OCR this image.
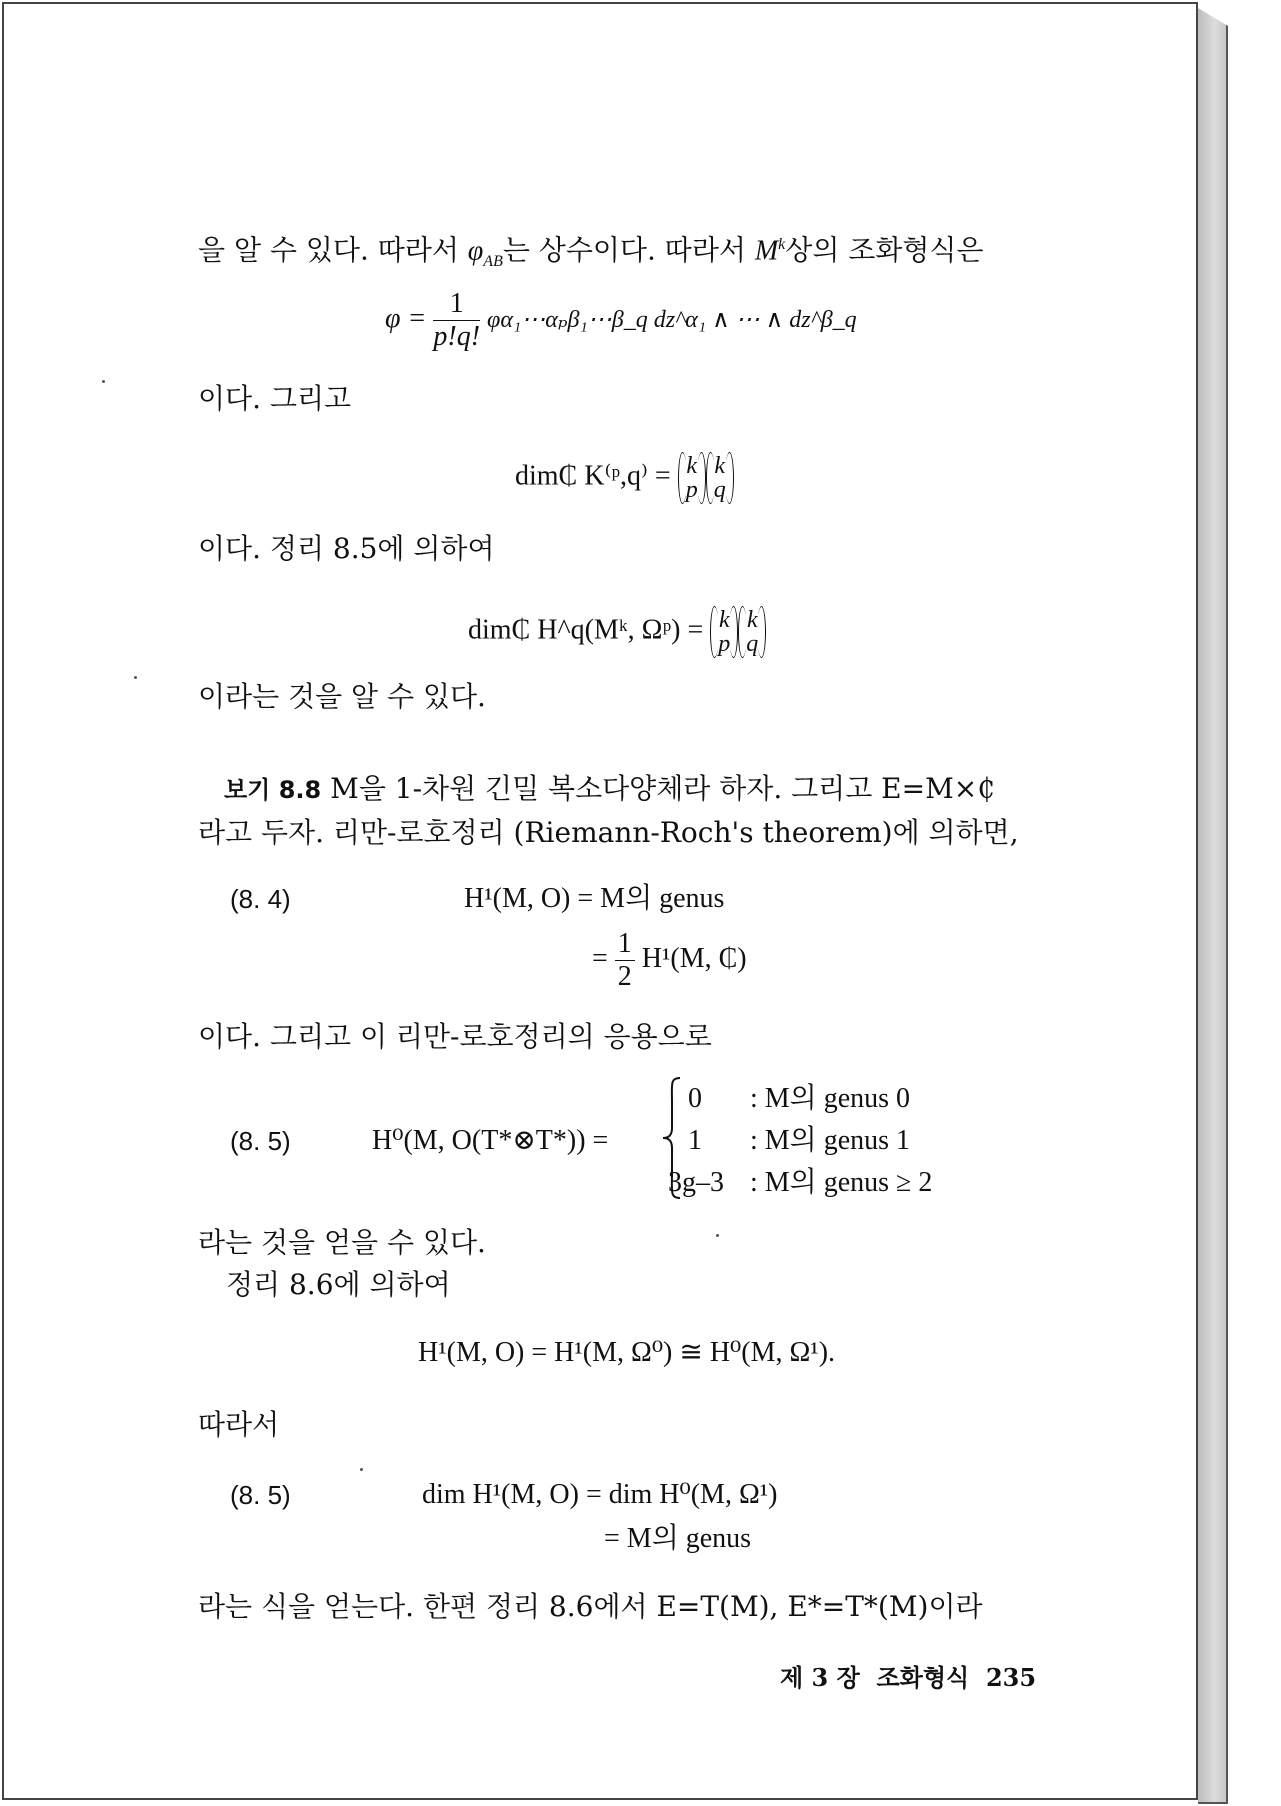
을 알 수 있다. 따라서 $\varphi_{AB}$는 상수이다. 따라서 $M^k$상의 조화형식은
$\varphi = \frac{1}{p!q!}$ φα₁⋯αₚβ₁⋯β_q dz^α₁ ∧ ⋯ ∧ dz^β_q
이다. 그리고
dim₵ K⁽ᵖ,q⁾ = k
p
k
q
이다. 정리 8.5에 의하여
dim₵ H^q(Mᵏ, Ωᵖ) = k
p
k
q
이라는 것을 알 수 있다.
보기 8.8 M을 1-차원 긴밀 복소다양체라 하자. 그리고 E=M×₵
라고 두자. 리만-로호정리 (Riemann-Roch's theorem)에 의하면,
(8. 4)	H¹(M, O) = M의 genus
= $\frac{1}{2} H^1(M$, ₵)
이다. 그리고 이 리만-로호정리의 응용으로
(8. 5)	H⁰(M, O(T*⊗T*)) =
0 : M의 genus 0
1 : M의 genus 1
3g–3 : M의 genus ≥ 2
라는 것을 얻을 수 있다.
정리 8.6에 의하여
H¹(M, O) = H¹(M, Ω⁰) ≅ H⁰(M, Ω¹).
따라서
(8. 5)	dim H¹(M, O) = dim H⁰(M, Ω¹)
= M의 genus
라는 식을 얻는다. 한편 정리 8.6에서 E=T(M), E*=T*(M)이라
제 3 장 조화형식 235
